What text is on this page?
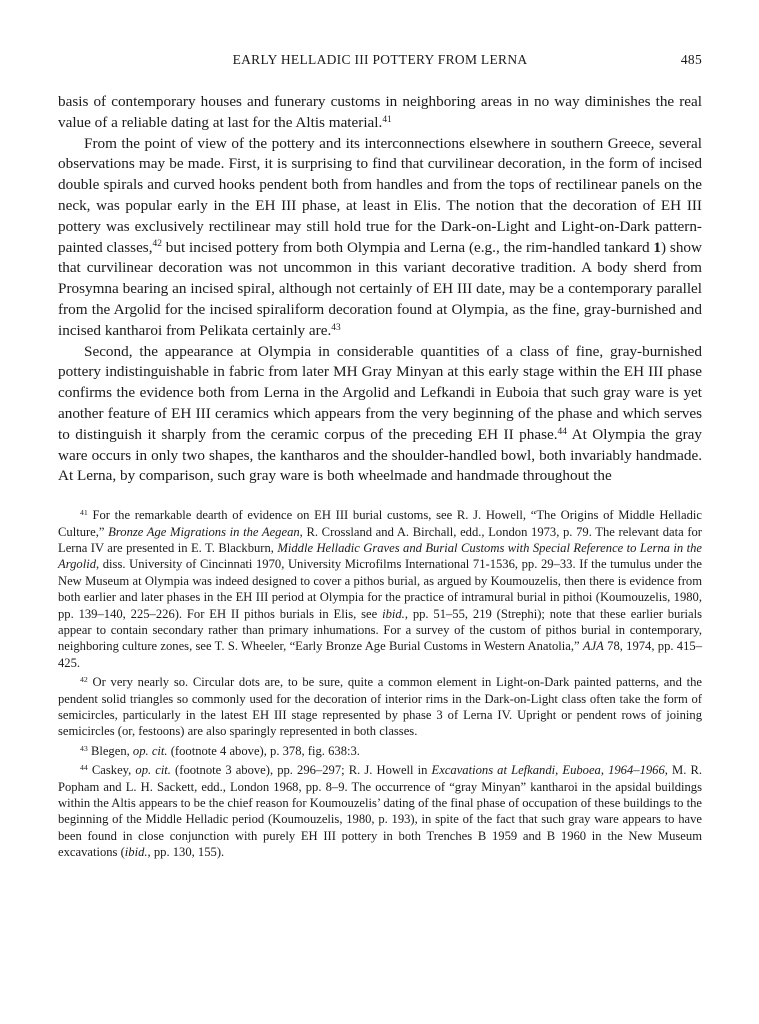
EARLY HELLADIC III POTTERY FROM LERNA	485

basis of contemporary houses and funerary customs in neighboring areas in no way diminishes the real value of a reliable dating at last for the Altis material.$^{41}$

From the point of view of the pottery and its interconnections elsewhere in southern Greece, several observations may be made. First, it is surprising to find that curvilinear decoration, in the form of incised double spirals and curved hooks pendent both from handles and from the tops of rectilinear panels on the neck, was popular early in the EH III phase, at least in Elis. The notion that the decoration of EH III pottery was exclusively rectilinear may still hold true for the Dark-on-Light and Light-on-Dark pattern-painted classes,$^{42}$ but incised pottery from both Olympia and Lerna (e.g., the rim-handled tankard 1) show that curvilinear decoration was not uncommon in this variant decorative tradition. A body sherd from Prosymna bearing an incised spiral, although not certainly of EH III date, may be a contemporary parallel from the Argolid for the incised spiraliform decoration found at Olympia, as the fine, gray-burnished and incised kantharoi from Pelikata certainly are.$^{43}$

Second, the appearance at Olympia in considerable quantities of a class of fine, gray-burnished pottery indistinguishable in fabric from later MH Gray Minyan at this early stage within the EH III phase confirms the evidence both from Lerna in the Argolid and Lefkandi in Euboia that such gray ware is yet another feature of EH III ceramics which appears from the very beginning of the phase and which serves to distinguish it sharply from the ceramic corpus of the preceding EH II phase.$^{44}$ At Olympia the gray ware occurs in only two shapes, the kantharos and the shoulder-handled bowl, both invariably handmade. At Lerna, by comparison, such gray ware is both wheelmade and handmade throughout the

$^{41}$ For the remarkable dearth of evidence on EH III burial customs, see R. J. Howell, “The Origins of Middle Helladic Culture,” Bronze Age Migrations in the Aegean, R. Crossland and A. Birchall, edd., London 1973, p. 79. The relevant data for Lerna IV are presented in E. T. Blackburn, Middle Helladic Graves and Burial Customs with Special Reference to Lerna in the Argolid, diss. University of Cincinnati 1970, University Microfilms International 71-1536, pp. 29–33. If the tumulus under the New Museum at Olympia was indeed designed to cover a pithos burial, as argued by Koumouzelis, then there is evidence from both earlier and later phases in the EH III period at Olympia for the practice of intramural burial in pithoi (Koumouzelis, 1980, pp. 139–140, 225–226). For EH II pithos burials in Elis, see ibid., pp. 51–55, 219 (Strephi); note that these earlier burials appear to contain secondary rather than primary inhumations. For a survey of the custom of pithos burial in contemporary, neighboring culture zones, see T. S. Wheeler, “Early Bronze Age Burial Customs in Western Anatolia,” AJA 78, 1974, pp. 415–425.

$^{42}$ Or very nearly so. Circular dots are, to be sure, quite a common element in Light-on-Dark painted patterns, and the pendent solid triangles so commonly used for the decoration of interior rims in the Dark-on-Light class often take the form of semicircles, particularly in the latest EH III stage represented by phase 3 of Lerna IV. Upright or pendent rows of joining semicircles (or, festoons) are also sparingly represented in both classes.

$^{43}$ Blegen, op. cit. (footnote 4 above), p. 378, fig. 638:3.

$^{44}$ Caskey, op. cit. (footnote 3 above), pp. 296–297; R. J. Howell in Excavations at Lefkandi, Euboea, 1964–1966, M. R. Popham and L. H. Sackett, edd., London 1968, pp. 8–9. The occurrence of “gray Minyan” kantharoi in the apsidal buildings within the Altis appears to be the chief reason for Koumouzelis’ dating of the final phase of occupation of these buildings to the beginning of the Middle Helladic period (Koumouzelis, 1980, p. 193), in spite of the fact that such gray ware appears to have been found in close conjunction with purely EH III pottery in both Trenches B 1959 and B 1960 in the New Museum excavations (ibid., pp. 130, 155).
